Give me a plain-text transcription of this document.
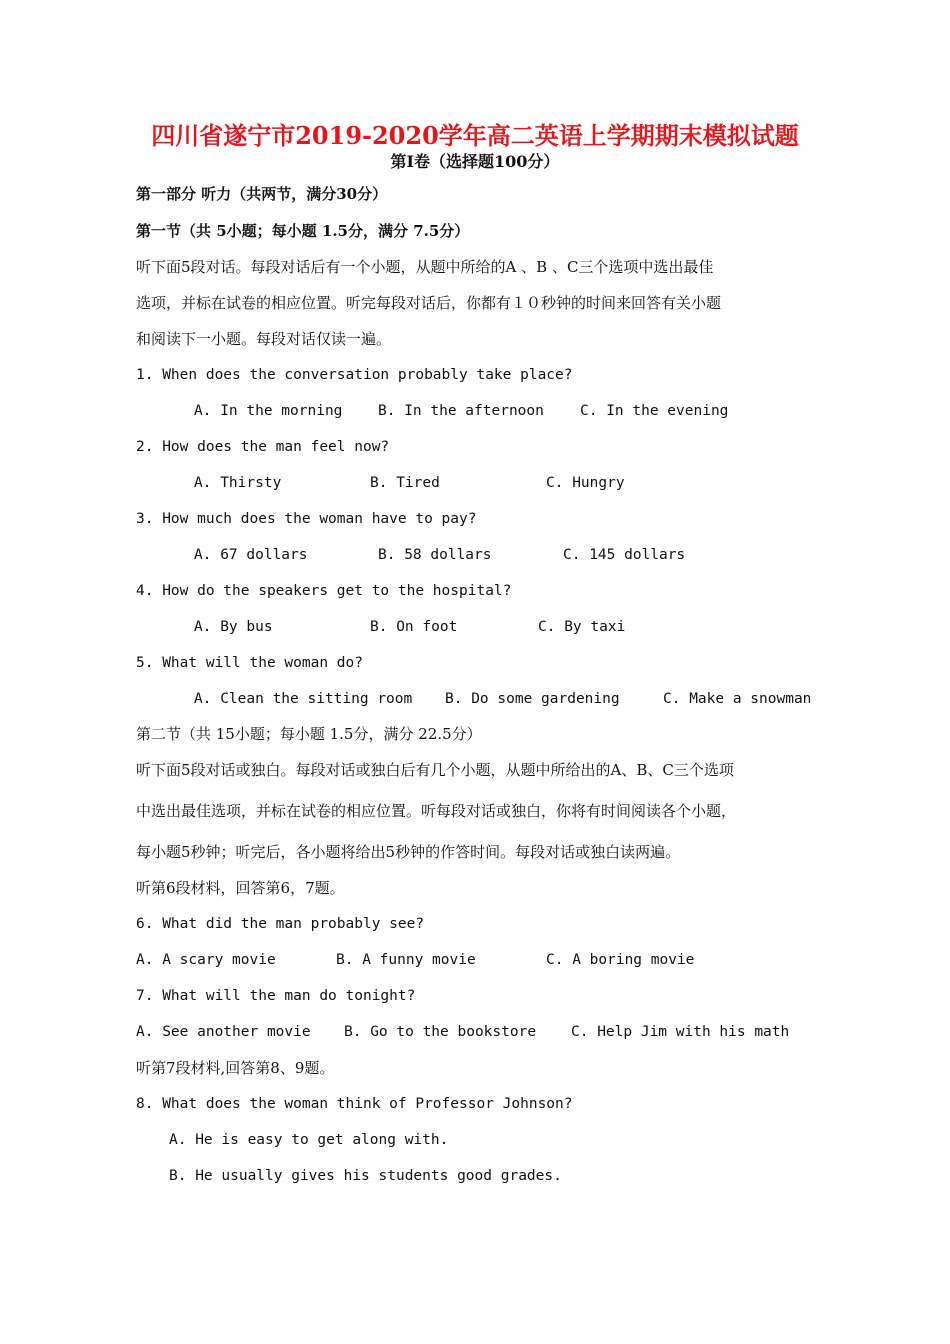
四川省遂宁市2019-2020学年高二英语上学期期末模拟试题
第Ⅰ卷（选择题100分）
第一部分 听力（共两节，满分30分）
第一节（共 5小题；每小题 1.5分，满分 7.5分）
听下面5段对话。每段对话后有一个小题，从题中所给的A 、B 、C三个选项中选出最佳
选项，并标在试卷的相应位置。听完每段对话后，你都有１０秒钟的时间来回答有关小题
和阅读下一小题。每段对话仅读一遍。
1. When does the conversation probably take place?
A. In the morning B. In the afternoon C. In the evening
2. How does the man feel now?
A. Thirsty	B. Tired	C. Hungry
3. How much does the woman have to pay?
A. 67 dollars	B. 58 dollars	C. 145 dollars
4. How do the speakers get to the hospital?
A. By bus	B. On foot	C. By taxi
5. What will the woman do?
A. Clean the sitting room B. Do some gardening	C. Make a snowman
第二节（共 15小题；每小题 1.5分，满分 22.5分）
听下面5段对话或独白。每段对话或独白后有几个小题，从题中所给出的A、B、C三个选项
中选出最佳选项，并标在试卷的相应位置。听每段对话或独白，你将有时间阅读各个小题，
每小题5秒钟；听完后，各小题将给出5秒钟的作答时间。每段对话或独白读两遍。
听第6段材料，回答第6，7题。
6. What did the man probably see?
A. A scary movie	B. A funny movie	C. A boring movie
7. What will the man do tonight?
A. See another movie B. Go to the bookstore C. Help Jim with his math
听第7段材料,回答第8、9题。
8. What does the woman think of Professor Johnson?
A. He is easy to get along with.
B. He usually gives his students good grades.
